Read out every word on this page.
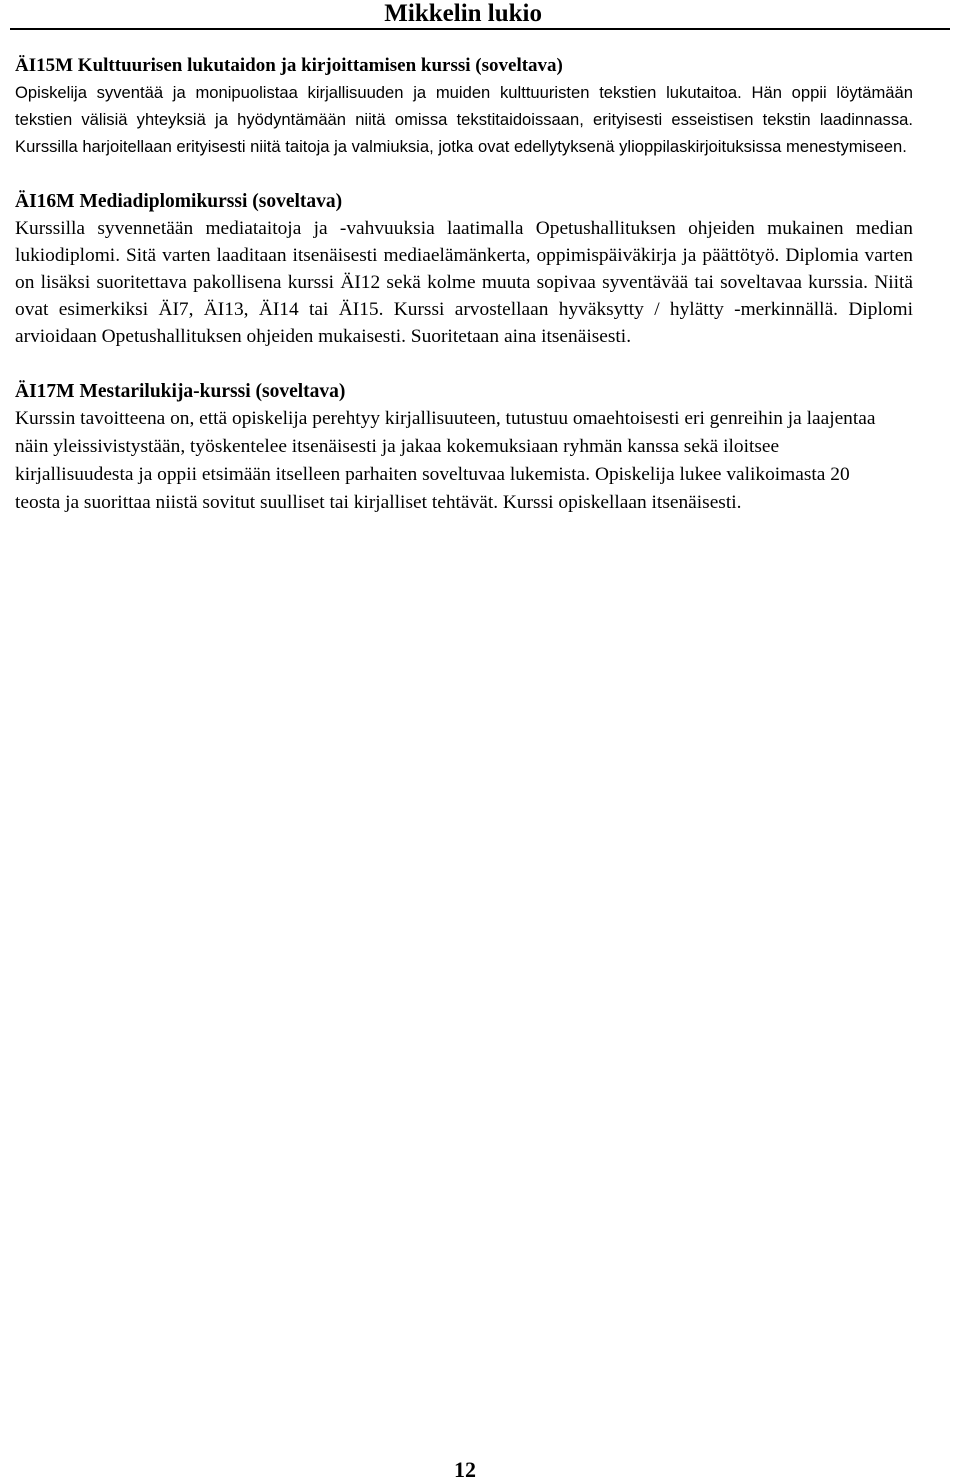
Mikkelin lukio

ÄI15M Kulttuurisen lukutaidon ja kirjoittamisen kurssi (soveltava)

Opiskelija syventää ja monipuolistaa kirjallisuuden ja muiden kulttuuristen tekstien lukutaitoa. Hän oppii löytämään tekstien välisiä yhteyksiä ja hyödyntämään niitä omissa tekstitaidoissaan, erityisesti esseistisen tekstin laadinnassa. Kurssilla harjoitellaan erityisesti niitä taitoja ja valmiuksia, jotka ovat edellytyksenä ylioppilaskirjoituksissa menestymiseen.

ÄI16M Mediadiplomikurssi (soveltava)

Kurssilla syvennetään mediataitoja ja -vahvuuksia laatimalla Opetushallituksen ohjeiden mukainen median lukiodiplomi. Sitä varten laaditaan itsenäisesti mediaelämänkerta, oppimispäiväkirja ja päättötyö. Diplomia varten on lisäksi suoritettava pakollisena kurssi ÄI12 sekä kolme muuta sopivaa syventävää tai soveltavaa kurssia. Niitä ovat esimerkiksi ÄI7, ÄI13, ÄI14 tai ÄI15. Kurssi arvostellaan hyväksytty / hylätty -merkinnällä. Diplomi arvioidaan Opetushallituksen ohjeiden mukaisesti. Suoritetaan aina itsenäisesti.

ÄI17M Mestarilukija-kurssi (soveltava)

Kurssin tavoitteena on, että opiskelija perehtyy kirjallisuuteen, tutustuu omaehtoisesti eri genreihin ja laajentaa näin yleissivistystään, työskentelee itsenäisesti ja jakaa kokemuksiaan ryhmän kanssa sekä iloitsee kirjallisuudesta ja oppii etsimään itselleen parhaiten soveltuvaa lukemista. Opiskelija lukee valikoimasta 20 teosta ja suorittaa niistä sovitut suulliset tai kirjalliset tehtävät. Kurssi opiskellaan itsenäisesti.

12
